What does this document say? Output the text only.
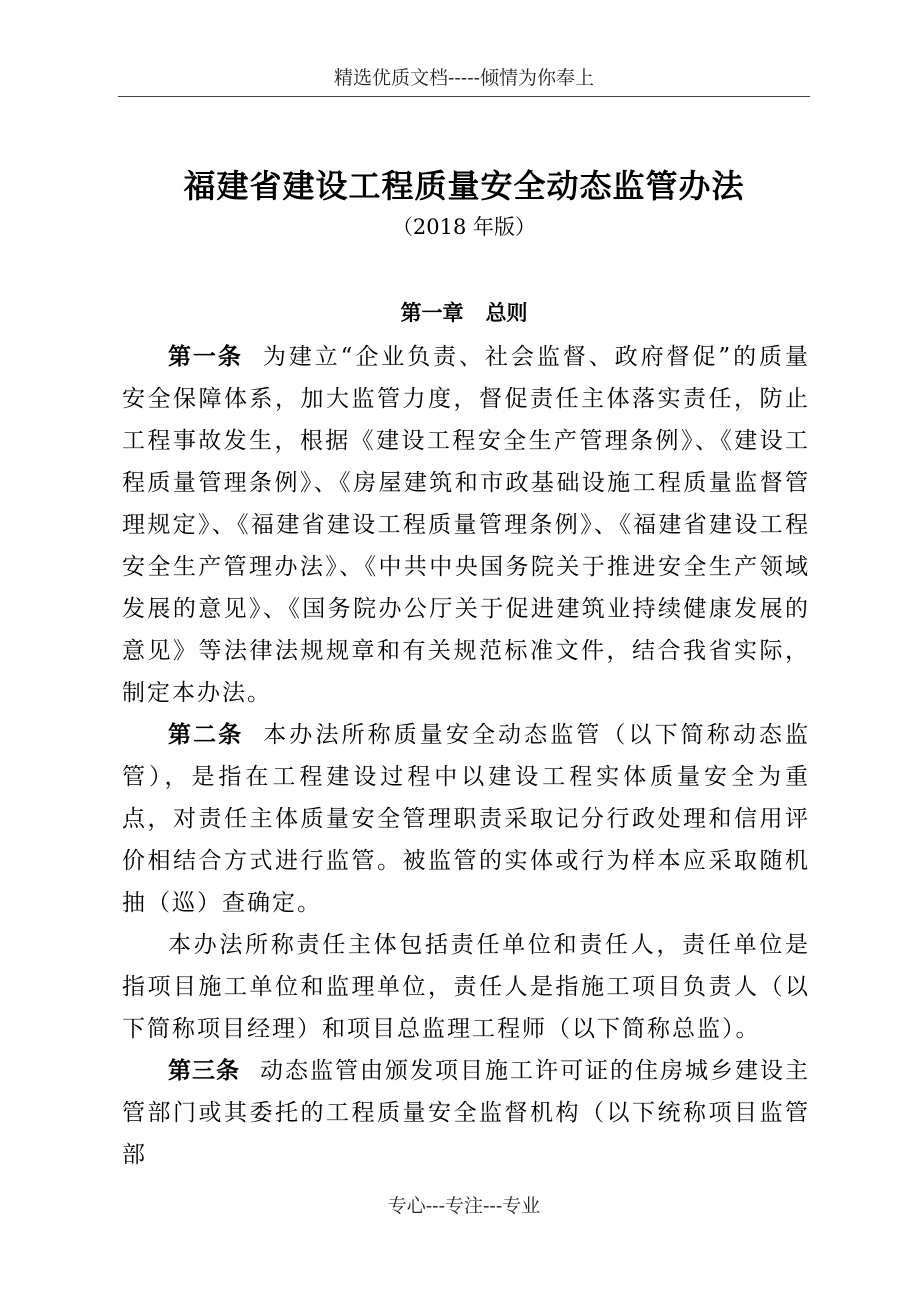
精选优质文档-----倾情为你奉上
福建省建设工程质量安全动态监管办法
（2018 年版）
第一章   总则

第一条 为建立“企业负责、社会监督、政府督促”的质量安全保障体系，加大监管力度，督促责任主体落实责任，防止工程事故发生，根据《建设工程安全生产管理条例》、《建设工程质量管理条例》、《房屋建筑和市政基础设施工程质量监督管理规定》、《福建省建设工程质量管理条例》、《福建省建设工程安全生产管理办法》、《中共中央国务院关于推进安全生产领域发展的意见》、《国务院办公厅关于促进建筑业持续健康发展的意见》等法律法规规章和有关规范标准文件，结合我省实际，制定本办法。

第二条 本办法所称质量安全动态监管（以下简称动态监管），是指在工程建设过程中以建设工程实体质量安全为重点，对责任主体质量安全管理职责采取记分行政处理和信用评价相结合方式进行监管。被监管的实体或行为样本应采取随机抽（巡）查确定。

本办法所称责任主体包括责任单位和责任人，责任单位是指项目施工单位和监理单位，责任人是指施工项目负责人（以下简称项目经理）和项目总监理工程师（以下简称总监）。

第三条 动态监管由颁发项目施工许可证的住房城乡建设主管部门或其委托的工程质量安全监督机构（以下统称项目监管部

专心---专注---专业
